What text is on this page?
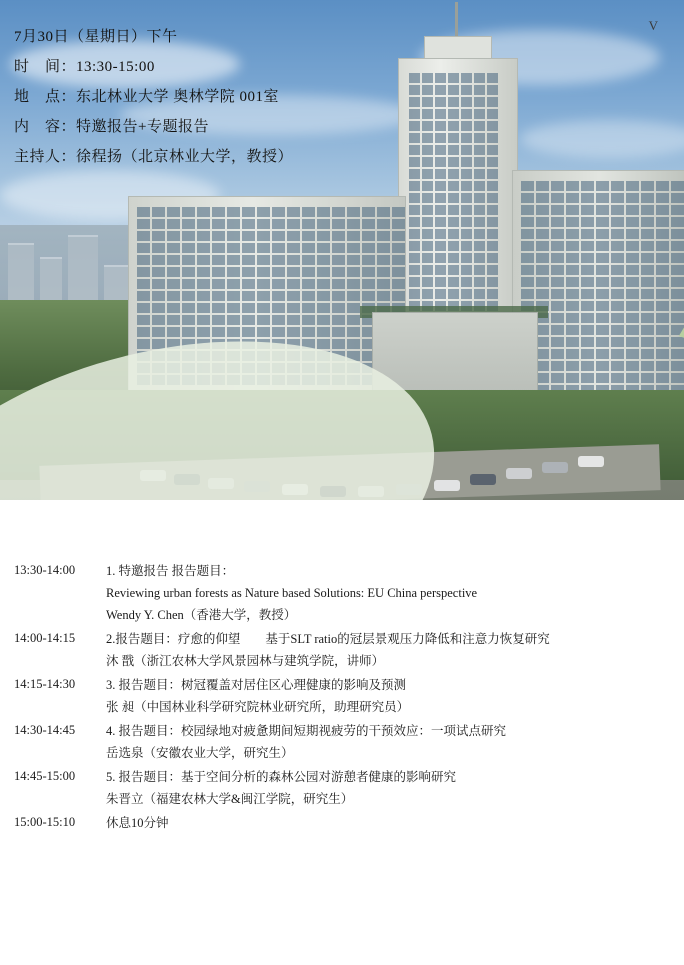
7月30日（星期日）下午
时　间：13:30-15:00
地　点：东北林业大学 奥林学院 001室
内　容：特邀报告+专题报告
主持人：徐程扬（北京林业大学，教授）
V
13:30-14:00	1. 特邀报告 报告题目：
Reviewing urban forests as Nature based Solutions: EU China perspective
Wendy Y. Chen（香港大学，教授）
14:00-14:15	2.报告题目：疗愈的仰望　　基于SLT ratio的冠层景观压力降低和注意力恢复研究
沐 戬（浙江农林大学风景园林与建筑学院，讲师）
14:15-14:30	3. 报告题目：树冠覆盖对居住区心理健康的影响及预测
张 昶（中国林业科学研究院林业研究所，助理研究员）
14:30-14:45	4. 报告题目：校园绿地对疲惫期间短期视疲劳的干预效应：一项试点研究
岳选泉（安徽农业大学，研究生）
14:45-15:00	5. 报告题目：基于空间分析的森林公园对游憩者健康的影响研究
朱晋立（福建农林大学&闽江学院，研究生）
15:00-15:10	休息10分钟
